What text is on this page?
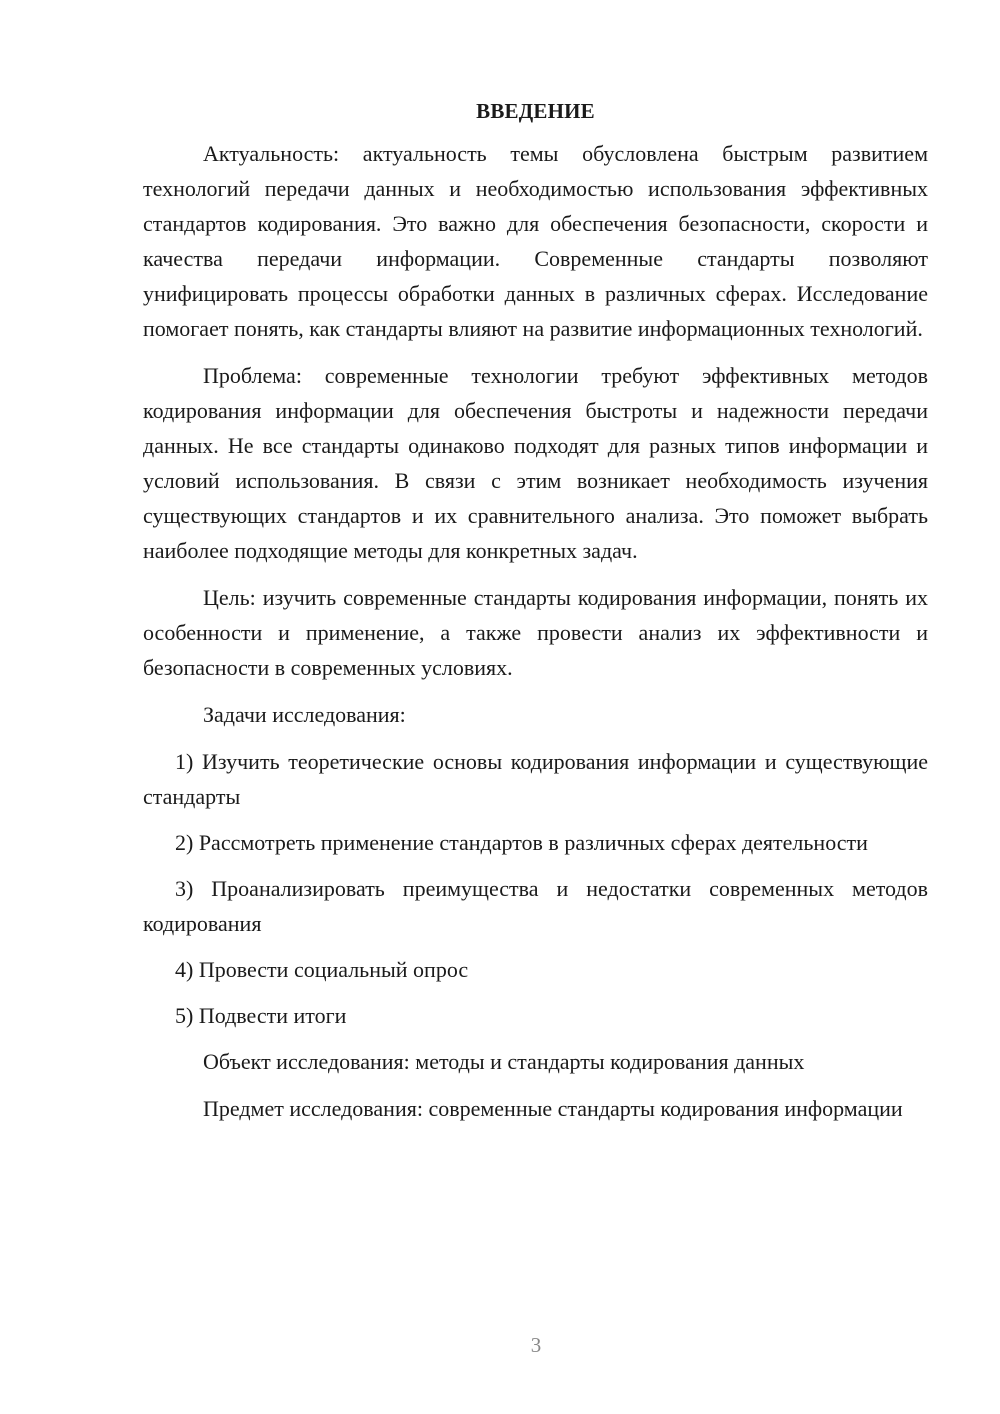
ВВЕДЕНИЕ

Актуальность: актуальность темы обусловлена быстрым развитием технологий передачи данных и необходимостью использования эффективных стандартов кодирования. Это важно для обеспечения безопасности, скорости и качества передачи информации. Современные стандарты позволяют унифицировать процессы обработки данных в различных сферах. Исследование помогает понять, как стандарты влияют на развитие информационных технологий.

Проблема: современные технологии требуют эффективных методов кодирования информации для обеспечения быстроты и надежности передачи данных. Не все стандарты одинаково подходят для разных типов информации и условий использования. В связи с этим возникает необходимость изучения существующих стандартов и их сравнительного анализа. Это поможет выбрать наиболее подходящие методы для конкретных задач.

Цель: изучить современные стандарты кодирования информации, понять их особенности и применение, а также провести анализ их эффективности и безопасности в современных условиях.

Задачи исследования:

1) Изучить теоретические основы кодирования информации и существующие стандарты

2) Рассмотреть применение стандартов в различных сферах деятельности

3) Проанализировать преимущества и недостатки современных методов кодирования

4) Провести социальный опрос

5) Подвести итоги

Объект исследования: методы и стандарты кодирования данных

Предмет исследования: современные стандарты кодирования информации

3
